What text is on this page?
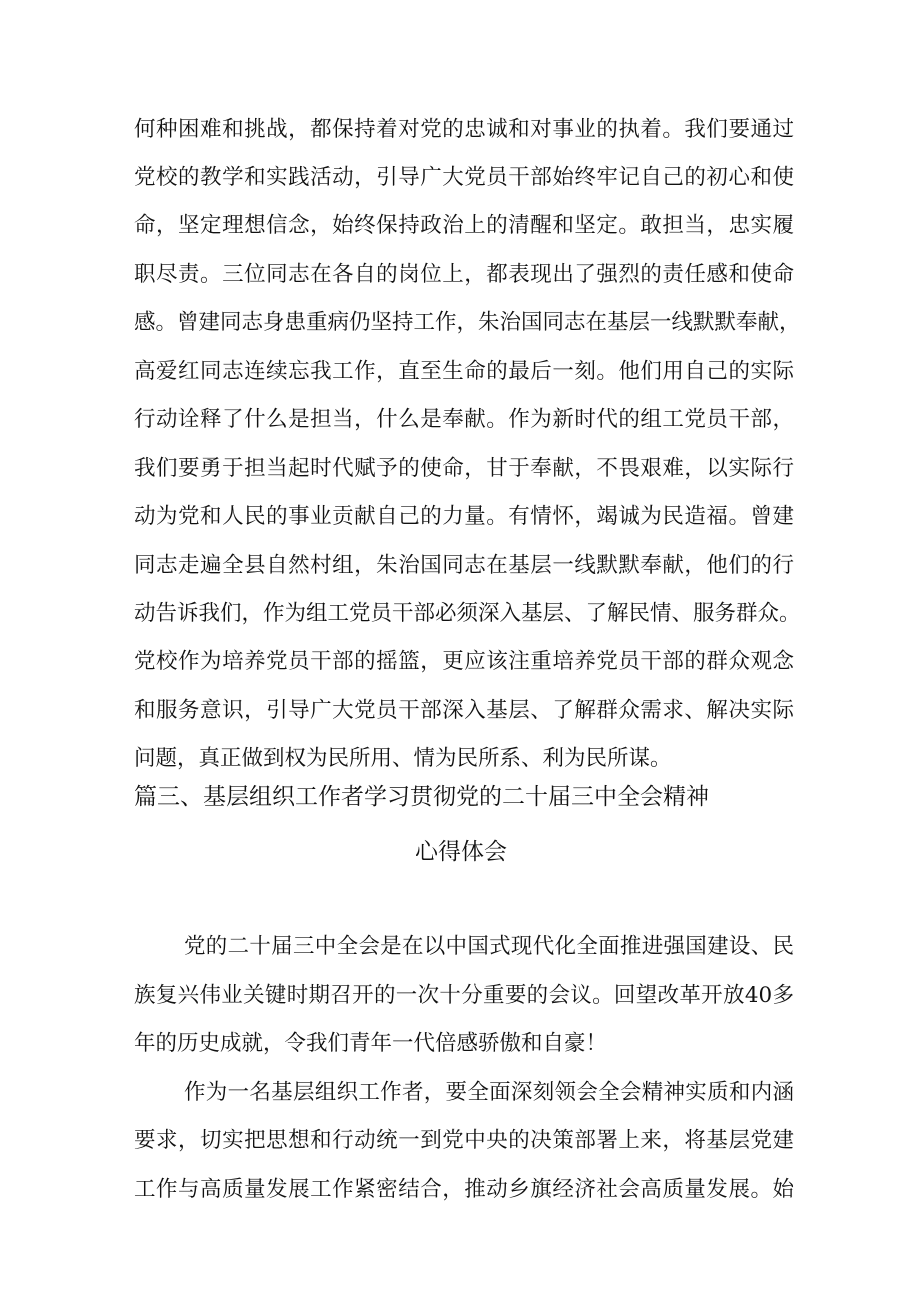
何种困难和挑战，都保持着对党的忠诚和对事业的执着。我们要通过
党校的教学和实践活动，引导广大党员干部始终牢记自己的初心和使
命，坚定理想信念，始终保持政治上的清醒和坚定。敢担当，忠实履
职尽责。三位同志在各自的岗位上，都表现出了强烈的责任感和使命
感。曾建同志身患重病仍坚持工作，朱治国同志在基层一线默默奉献，
高爱红同志连续忘我工作，直至生命的最后一刻。他们用自己的实际
行动诠释了什么是担当，什么是奉献。作为新时代的组工党员干部，
我们要勇于担当起时代赋予的使命，甘于奉献，不畏艰难，以实际行
动为党和人民的事业贡献自己的力量。有情怀，竭诚为民造福。曾建
同志走遍全县自然村组，朱治国同志在基层一线默默奉献，他们的行
动告诉我们，作为组工党员干部必须深入基层、了解民情、服务群众。
党校作为培养党员干部的摇篮，更应该注重培养党员干部的群众观念
和服务意识，引导广大党员干部深入基层、了解群众需求、解决实际
问题，真正做到权为民所用、情为民所系、利为民所谋。
篇三、基层组织工作者学习贯彻党的二十届三中全会精神
心得体会
党的二十届三中全会是在以中国式现代化全面推进强国建设、民
族复兴伟业关键时期召开的一次十分重要的会议。回望改革开放40多
年的历史成就，令我们青年一代倍感骄傲和自豪！
作为一名基层组织工作者，要全面深刻领会全会精神实质和内涵
要求，切实把思想和行动统一到党中央的决策部署上来，将基层党建
工作与高质量发展工作紧密结合，推动乡旗经济社会高质量发展。始
